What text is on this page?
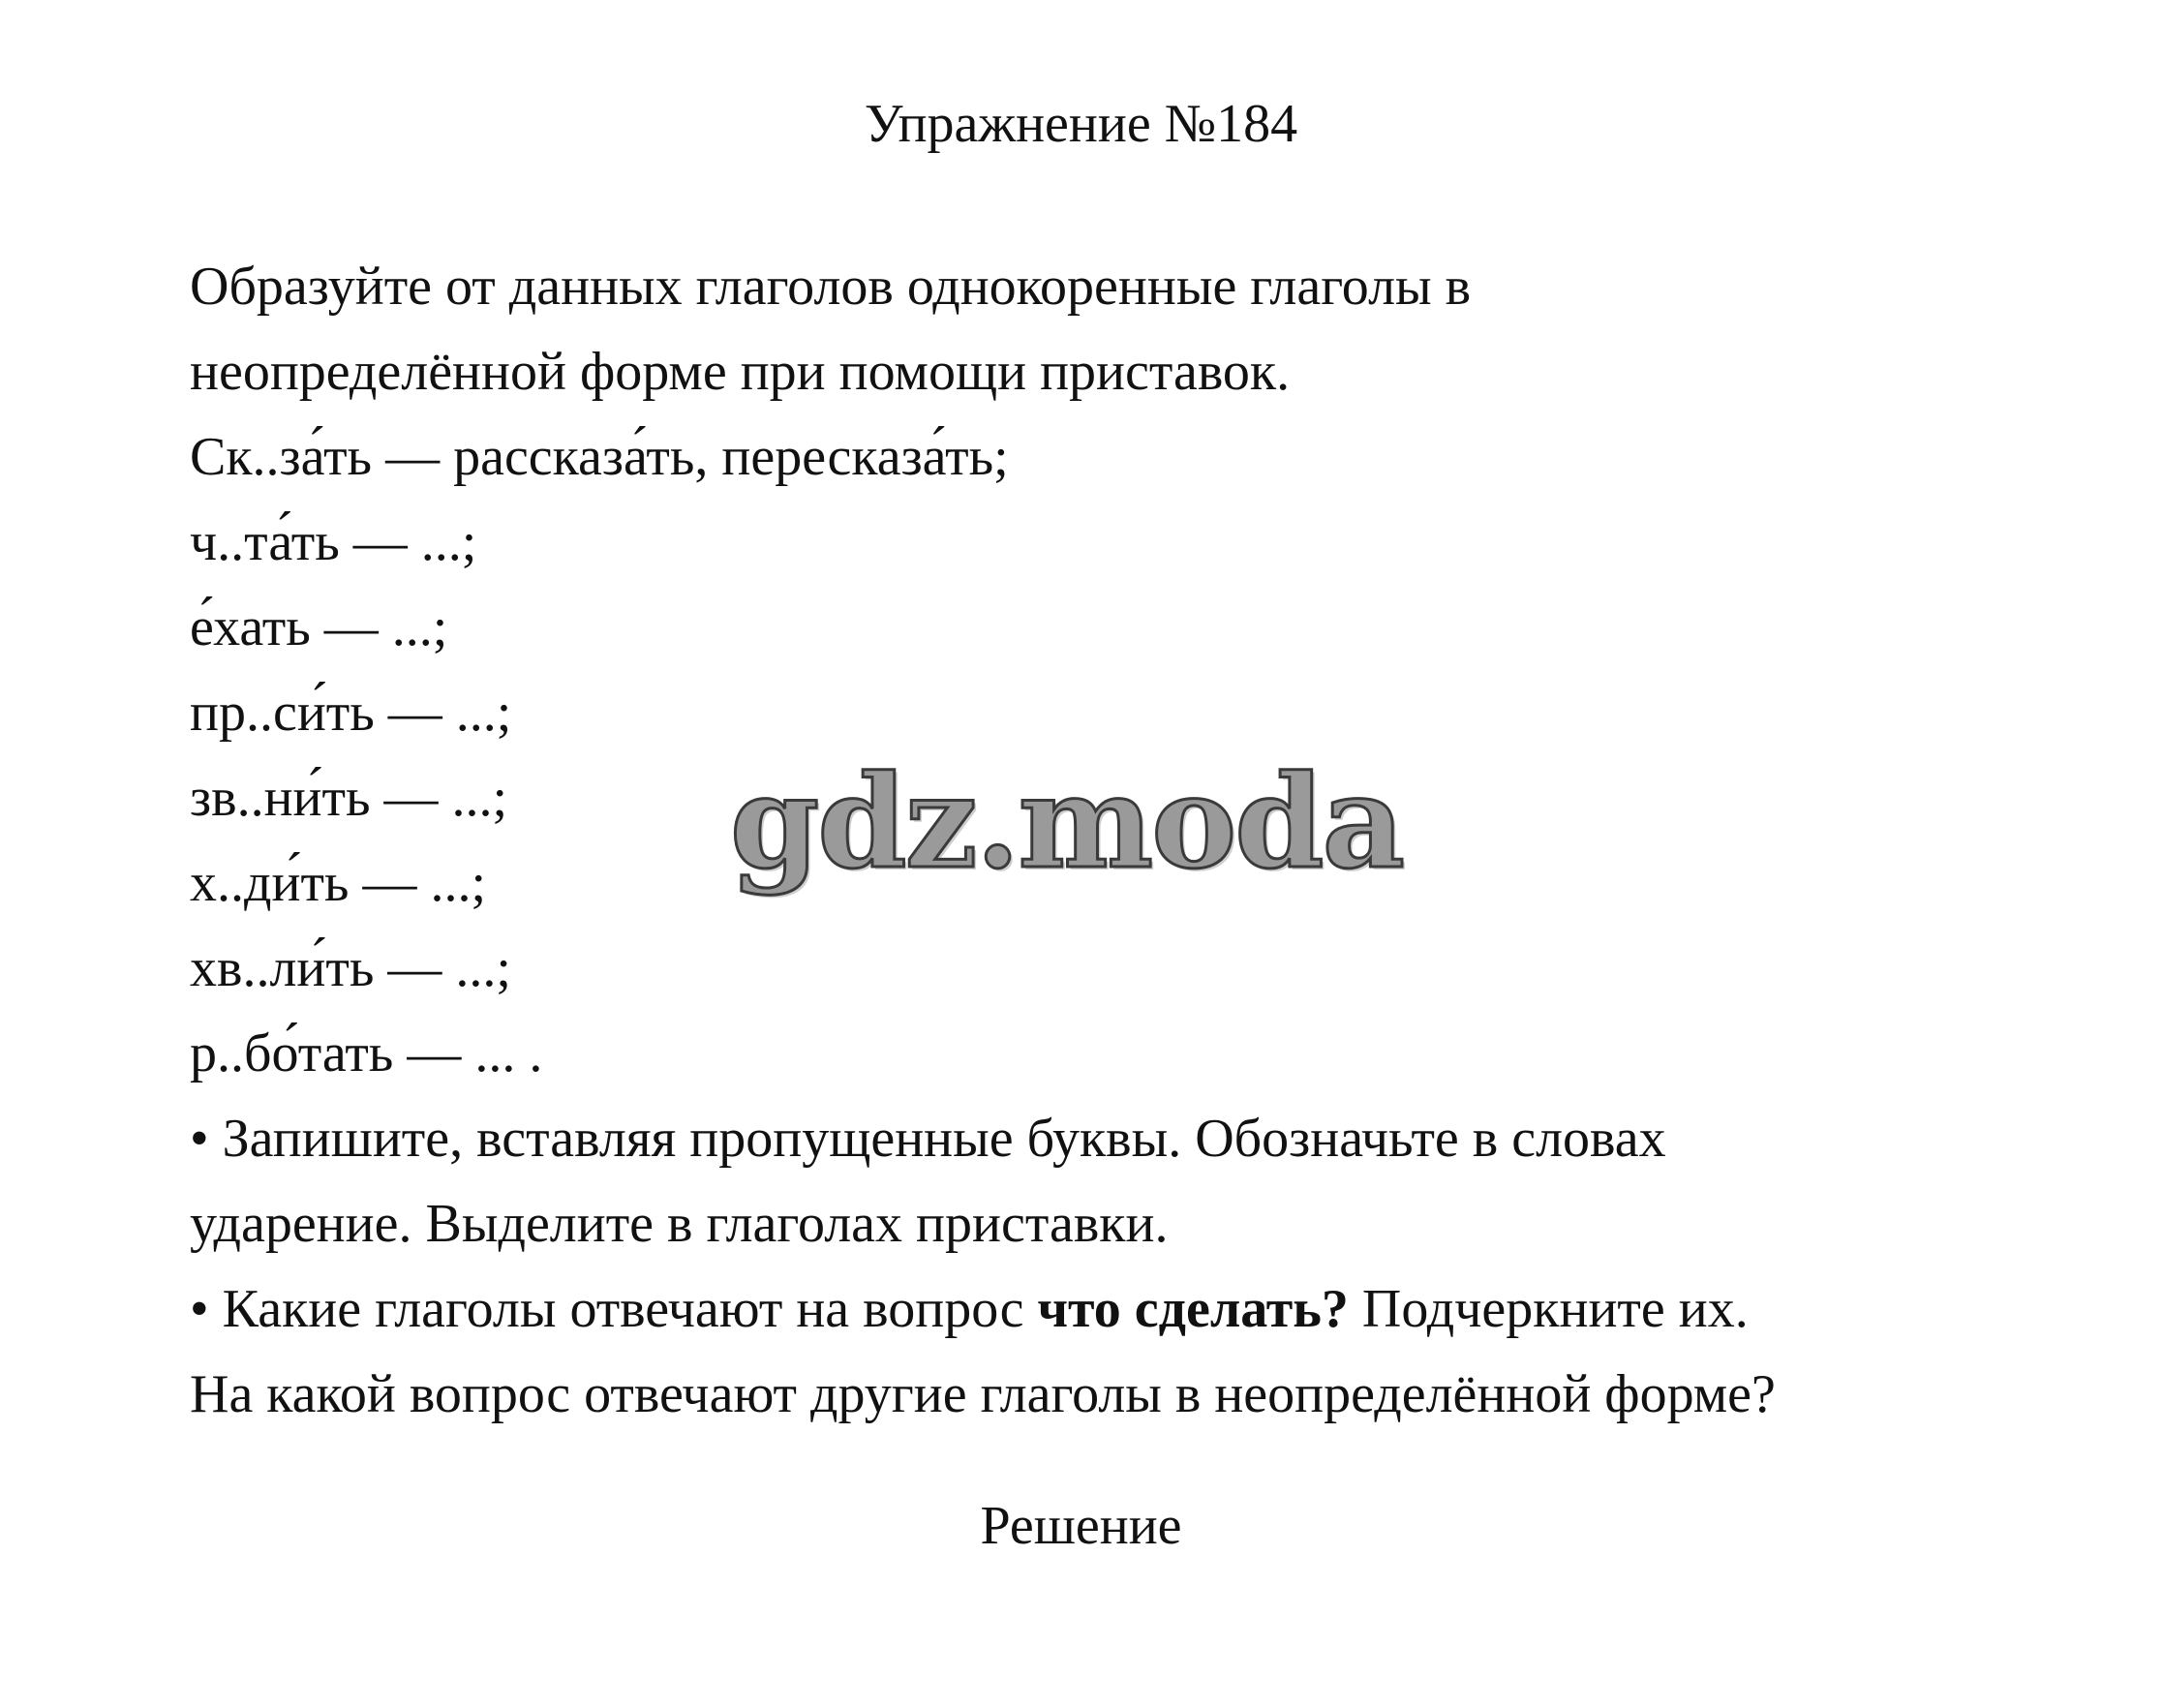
Упражнение №184
Образуйте от данных глаголов однокоренные глаголы в
неопределённой форме при помощи приставок.
Ск..за́ть — рассказа́ть, пересказа́ть;
ч..та́ть — ...;
е́хать — ...;
пр..си́ть — ...;
зв..ни́ть — ...;
х..ди́ть — ...;
хв..ли́ть — ...;
р..бо́тать — ... .
• Запишите, вставляя пропущенные буквы. Обозначьте в словах
ударение. Выделите в глаголах приставки.
• Какие глаголы отвечают на вопрос что сделать? Подчеркните их.
На какой вопрос отвечают другие глаголы в неопределённой форме?
gdz.moda
Решение
